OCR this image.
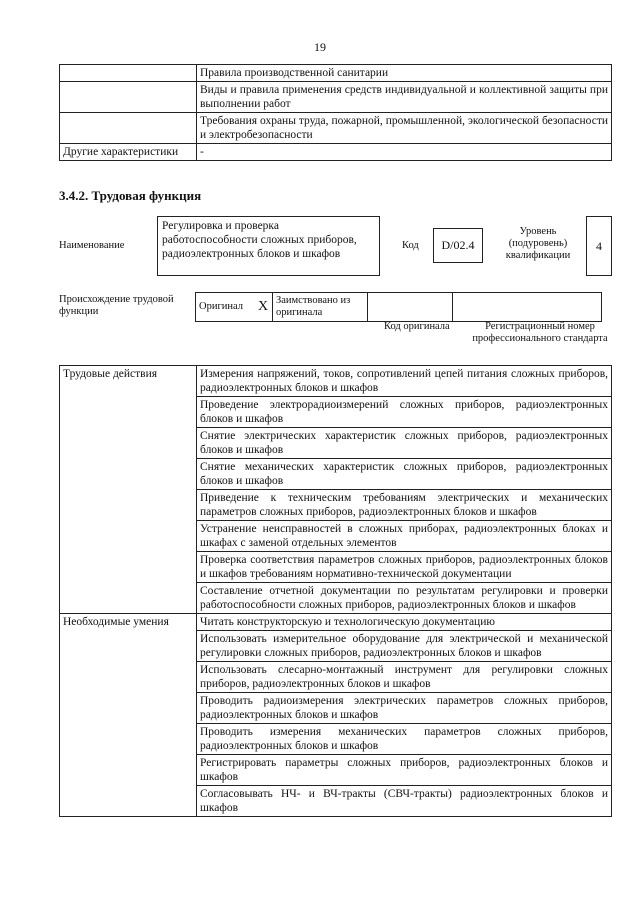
19
	Правила производственной санитарии
	Виды и правила применения средств индивидуальной и коллективной защиты при выполнении работ
	Требования охраны труда, пожарной, промышленной, экологической безопасности и электробезопасности
Другие характеристики	-
3.4.2. Трудовая функция
Наименование
Регулировка и проверка работоспособности сложных приборов, радиоэлектронных блоков и шкафов
Код	D/02.4
Уровень (подуровень) квалификации
4
Происхождение трудовой функции	Оригинал	X	Заимствовано из оригинала		
Код оригинала	Регистрационный номер профессионального стандарта
Трудовые действия	Измерения напряжений, токов, сопротивлений цепей питания сложных приборов, радиоэлектронных блоков и шкафов
	Проведение электрорадиоизмерений сложных приборов, радиоэлектронных блоков и шкафов
	Снятие электрических характеристик сложных приборов, радиоэлектронных блоков и шкафов
	Снятие механических характеристик сложных приборов, радиоэлектронных блоков и шкафов
	Приведение к техническим требованиям электрических и механических параметров сложных приборов, радиоэлектронных блоков и шкафов
	Устранение неисправностей в сложных приборах, радиоэлектронных блоках и шкафах с заменой отдельных элементов
	Проверка соответствия параметров сложных приборов, радиоэлектронных блоков и шкафов требованиям нормативно-технической документации
	Составление отчетной документации по результатам регулировки и проверки работоспособности сложных приборов, радиоэлектронных блоков и шкафов
Необходимые умения	Читать конструкторскую и технологическую документацию
	Использовать измерительное оборудование для электрической и механической регулировки сложных приборов, радиоэлектронных блоков и шкафов
	Использовать слесарно-монтажный инструмент для регулировки сложных приборов, радиоэлектронных блоков и шкафов
	Проводить радиоизмерения электрических параметров сложных приборов, радиоэлектронных блоков и шкафов
	Проводить измерения механических параметров сложных приборов, радиоэлектронных блоков и шкафов
	Регистрировать параметры сложных приборов, радиоэлектронных блоков и шкафов
	Согласовывать НЧ- и ВЧ-тракты (СВЧ-тракты) радиоэлектронных блоков и шкафов
